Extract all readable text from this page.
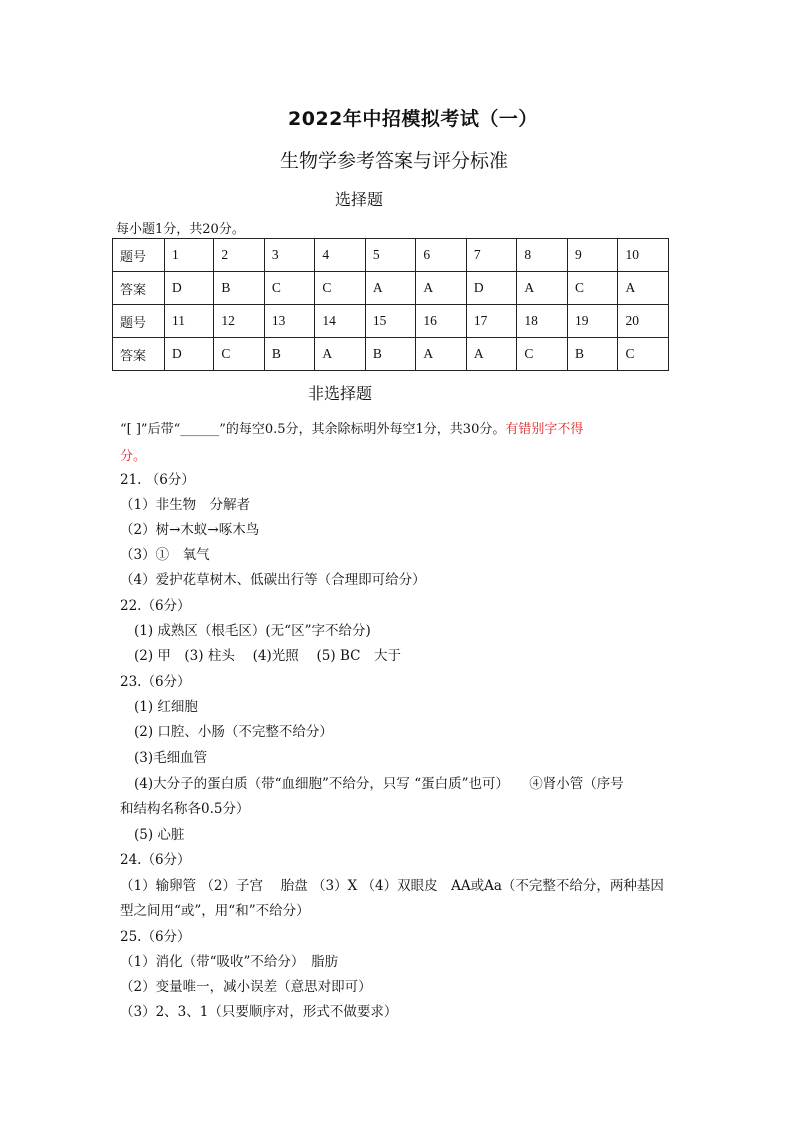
2022年中招模拟考试（一）
生物学参考答案与评分标准
选择题
每小题1分，共20分。
题号	1	2	3	4	5	6	7	8	9	10
答案	D	B	C	C	A	A	D	A	C	A
题号	11	12	13	14	15	16	17	18	19	20
答案	D	C	B	A	B	A	A	C	B	C
非选择题
“[ ]”后带“______”的每空0.5分，其余除标明外每空1分，共30分。有错别字不得
分。
21. （6分）
（1）非生物　分解者
（2）树→木蚁→啄木鸟
（3）①　氧气
（4）爱护花草树木、低碳出行等（合理即可给分）
22.（6分）
(1) 成熟区（根毛区）(无“区”字不给分)
(2) 甲　(3) 柱头　 (4)光照　 (5) BC　大于
23.（6分）
(1) 红细胞
(2) 口腔、小肠（不完整不给分）
(3)毛细血管
(4)大分子的蛋白质（带“血细胞”不给分，只写 “蛋白质”也可）　　④肾小管（序号
和结构名称各0.5分）
(5) 心脏
24.（6分）
（1）输卵管 （2）子宫　 胎盘 （3）X （4）双眼皮　AA或Aa（不完整不给分，两种基因
型之间用“或”，用“和”不给分）
25.（6分）
（1）消化（带“吸收”不给分）　脂肪
（2）变量唯一，减小误差（意思对即可）
（3）2、3、1（只要顺序对，形式不做要求）
